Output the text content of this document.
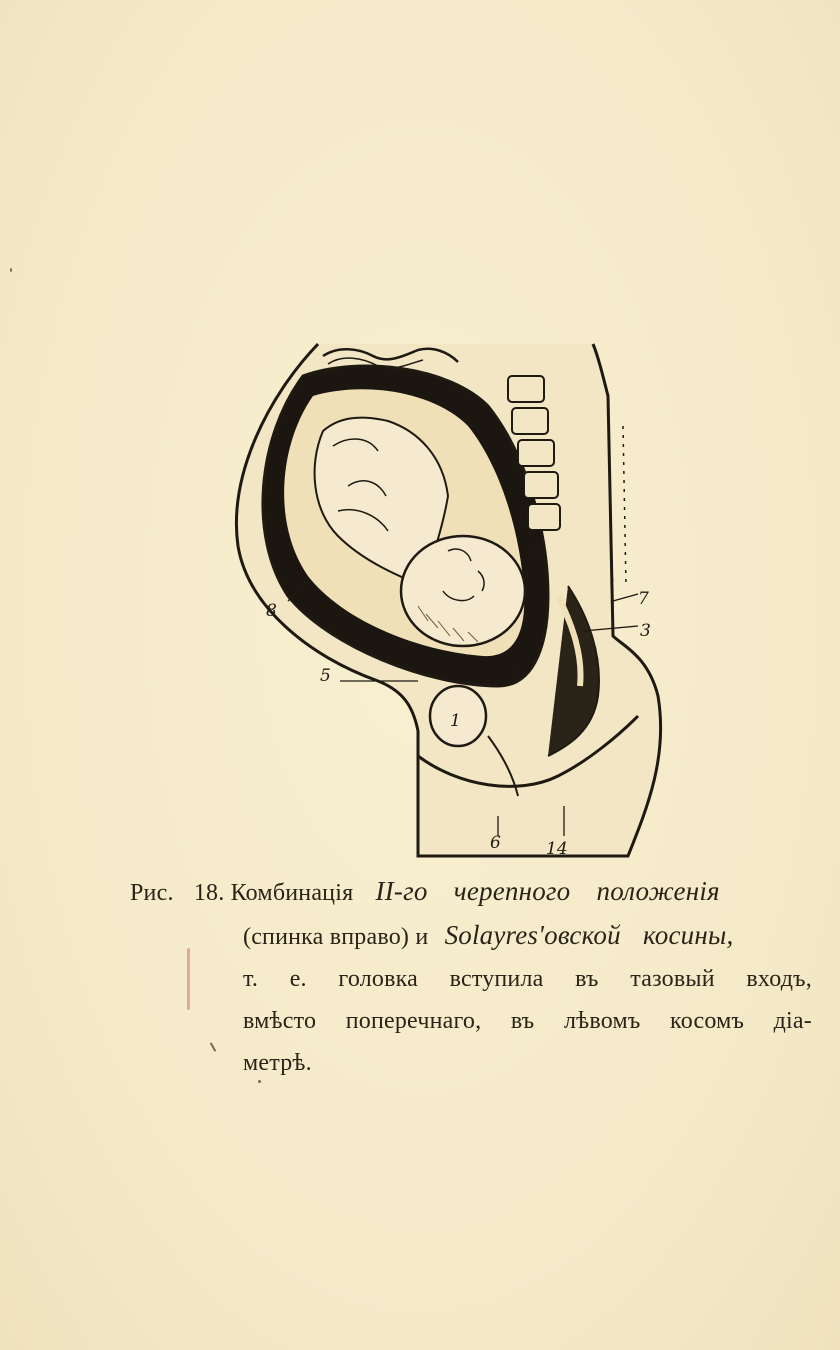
1
2
3
4
5
6
7
8
14
Рис. 18. Комбинація II-го черепного положенія
(спинка вправо) и Solayres'овской косины,
т. е. головка вступила въ тазовый входъ,
вмѣсто поперечнаго, въ лѣвомъ косомъ діа-
метрѣ.
